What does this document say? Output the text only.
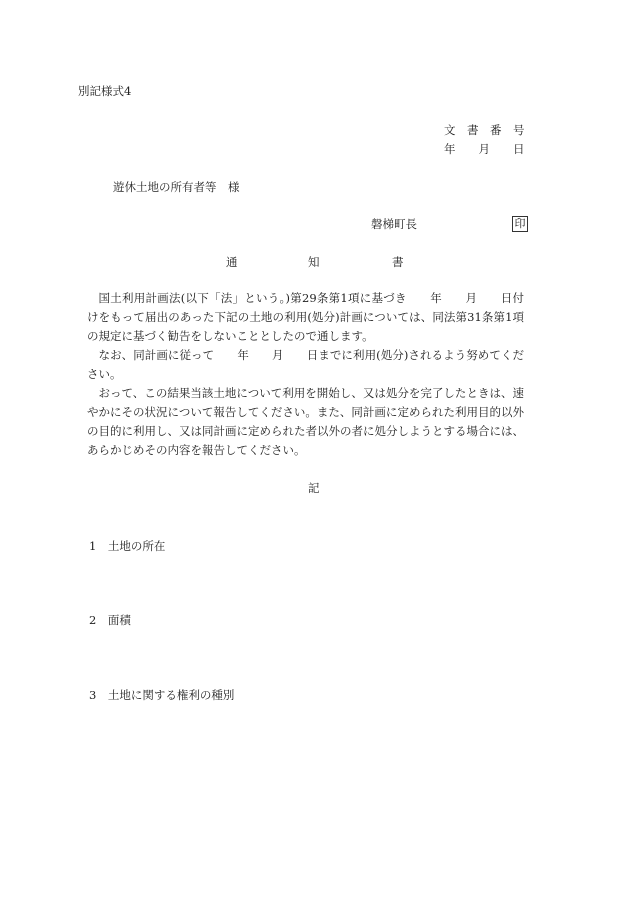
別記様式4
文　書　番　号
年　　月　　日
遊休土地の所有者等　様
磐梯町長	印
通	知	書

国土利用計画法(以下「法」という。)第29条第1項に基づき　　年　　月　　日付けをもって届出のあった下記の土地の利用(処分)計画については、同法第31条第1項の規定に基づく勧告をしないこととしたので通します。

なお、同計画に従って　　年　　月　　日までに利用(処分)されるよう努めてください。

おって、この結果当該土地について利用を開始し、又は処分を完了したときは、速やかにその状況について報告してください。また、同計画に定められた利用目的以外の目的に利用し、又は同計画に定められた者以外の者に処分しようとする場合には、あらかじめその内容を報告してください。

記
1　土地の所在
2　面積
3　土地に関する権利の種別
